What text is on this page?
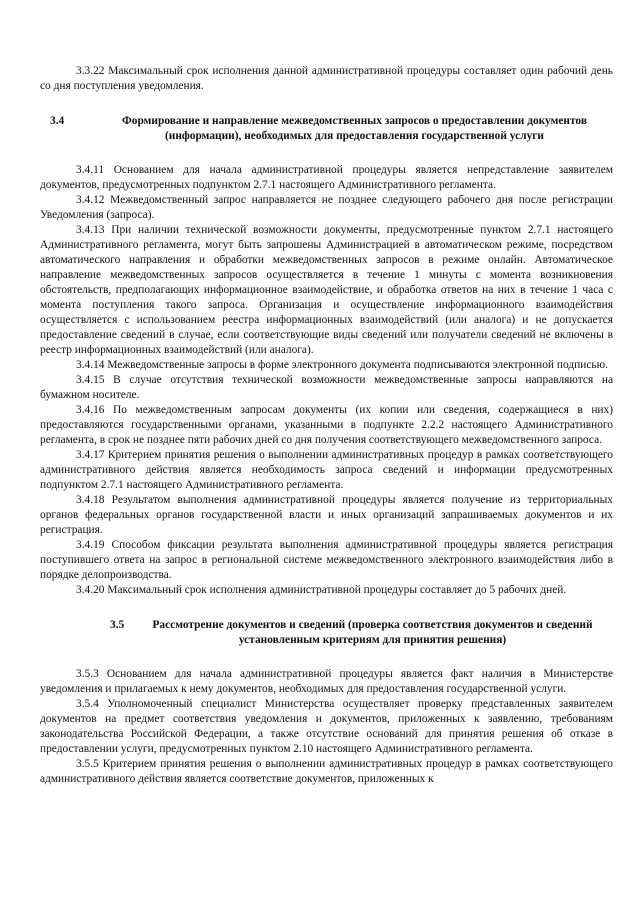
3.3.22 Максимальный срок исполнения данной административной процедуры составляет один рабочий день со дня поступления уведомления.

3.4	Формирование и направление межведомственных запросов о предоставлении документов (информации), необходимых для предоставления государственной услуги

3.4.11 Основанием для начала административной процедуры является непредставление заявителем документов, предусмотренных подпунктом 2.7.1 настоящего Административного регламента.

3.4.12 Межведомственный запрос направляется не позднее следующего рабочего дня после регистрации Уведомления (запроса).

3.4.13 При наличии технической возможности документы, предусмотренные пунктом 2.7.1 настоящего Административного регламента, могут быть запрошены Администрацией в автоматическом режиме, посредством автоматического направления и обработки межведомственных запросов в режиме онлайн. Автоматическое направление межведомственных запросов осуществляется в течение 1 минуты с момента возникновения обстоятельств, предполагающих информационное взаимодействие, и обработка ответов на них в течение 1 часа с момента поступления такого запроса. Организация и осуществление информационного взаимодействия осуществляется с использованием реестра информационных взаимодействий (или аналога) и не допускается предоставление сведений в случае, если соответствующие виды сведений или получатели сведений не включены в реестр информационных взаимодействий (или аналога).

3.4.14 Межведомственные запросы в форме электронного документа подписываются электронной подписью.

3.4.15 В случае отсутствия технической возможности межведомственные запросы направляются на бумажном носителе.

3.4.16 По межведомственным запросам документы (их копии или сведения, содержащиеся в них) предоставляются государственными органами, указанными в подпункте 2.2.2 настоящего Административного регламента, в срок не позднее пяти рабочих дней со дня получения соответствующего межведомственного запроса.

3.4.17 Критерием принятия решения о выполнении административных процедур в рамках соответствующего административного действия является необходимость запроса сведений и информации предусмотренных подпунктом 2.7.1 настоящего Административного регламента.

3.4.18 Результатом выполнения административной процедуры является получение из территориальных органов федеральных органов государственной власти и иных организаций запрашиваемых документов и их регистрация.

3.4.19 Способом фиксации результата выполнения административной процедуры является регистрация поступившего ответа на запрос в региональной системе межведомственного электронного взаимодействия либо в порядке делопроизводства.

3.4.20 Максимальный срок исполнения административной процедуры составляет до 5 рабочих дней.

3.5	Рассмотрение документов и сведений (проверка соответствия документов и сведений установленным критериям для принятия решения)

3.5.3 Основанием для начала административной процедуры является факт наличия в Министерстве уведомления и прилагаемых к нему документов, необходимых для предоставления государственной услуги.

3.5.4 Уполномоченный специалист Министерства осуществляет проверку представленных заявителем документов на предмет соответствия уведомления и документов, приложенных к заявлению, требованиям законодательства Российской Федерации, а также отсутствие оснований для принятия решения об отказе в предоставлении услуги, предусмотренных пунктом 2.10 настоящего Административного регламента.

3.5.5 Критерием принятия решения о выполнении административных процедур в рамках соответствующего административного действия является соответствие документов, приложенных к
